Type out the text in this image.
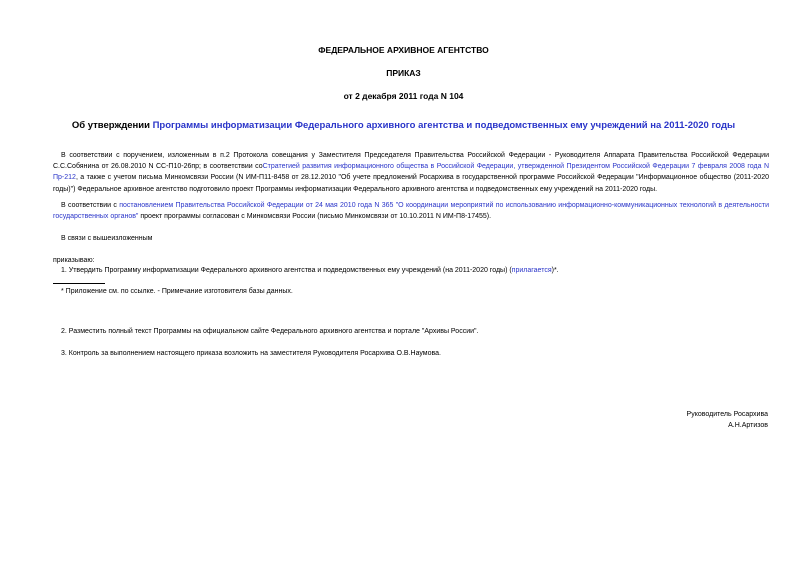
ФЕДЕРАЛЬНОЕ АРХИВНОЕ АГЕНТСТВО
ПРИКАЗ
от 2 декабря 2011 года N 104
Об утверждении Программы информатизации Федерального архивного агентства и подведомственных ему учреждений на 2011-2020 годы
В соответствии с поручением, изложенным в п.2 Протокола совещания у Заместителя Председателя Правительства Российской Федерации - Руководителя Аппарата Правительства Российской Федерации С.С.Собянина от 26.08.2010 N СС-П10-26пр; в соответствии соСтратегией развития информационного общества в Российской Федерации, утвержденной Президентом Российской Федерации 7 февраля 2008 года N Пр-212, а также с учетом письма Минкомсвязи России (N ИМ-П11-8458 от 28.12.2010 "Об учете предложений Росархива в государственной программе Российской Федерации "Информационное общество (2011-2020 годы)") Федеральное архивное агентство подготовило проект Программы информатизации Федерального архивного агентства и подведомственных ему учреждений на 2011-2020 годы.
В соответствии с постановлением Правительства Российской Федерации от 24 мая 2010 года N 365 "О координации мероприятий по использованию информационно-коммуникационных технологий в деятельности государственных органов" проект программы согласован с Минкомсвязи России (письмо Минкомсвязи от 10.10.2011 N ИМ-П8-17455).
В связи с вышеизложенным
приказываю:
1. Утвердить Программу информатизации Федерального архивного агентства и подведомственных ему учреждений (на 2011-2020 годы) (прилагается)*.
* Приложение см. по ссылке. - Примечание изготовителя базы данных.
2. Разместить полный текст Программы на официальном сайте Федерального архивного агентства и портале "Архивы России".
3. Контроль за выполнением настоящего приказа возложить на заместителя Руководителя Росархива О.В.Наумова.
Руководитель Росархива
А.Н.Артизов
